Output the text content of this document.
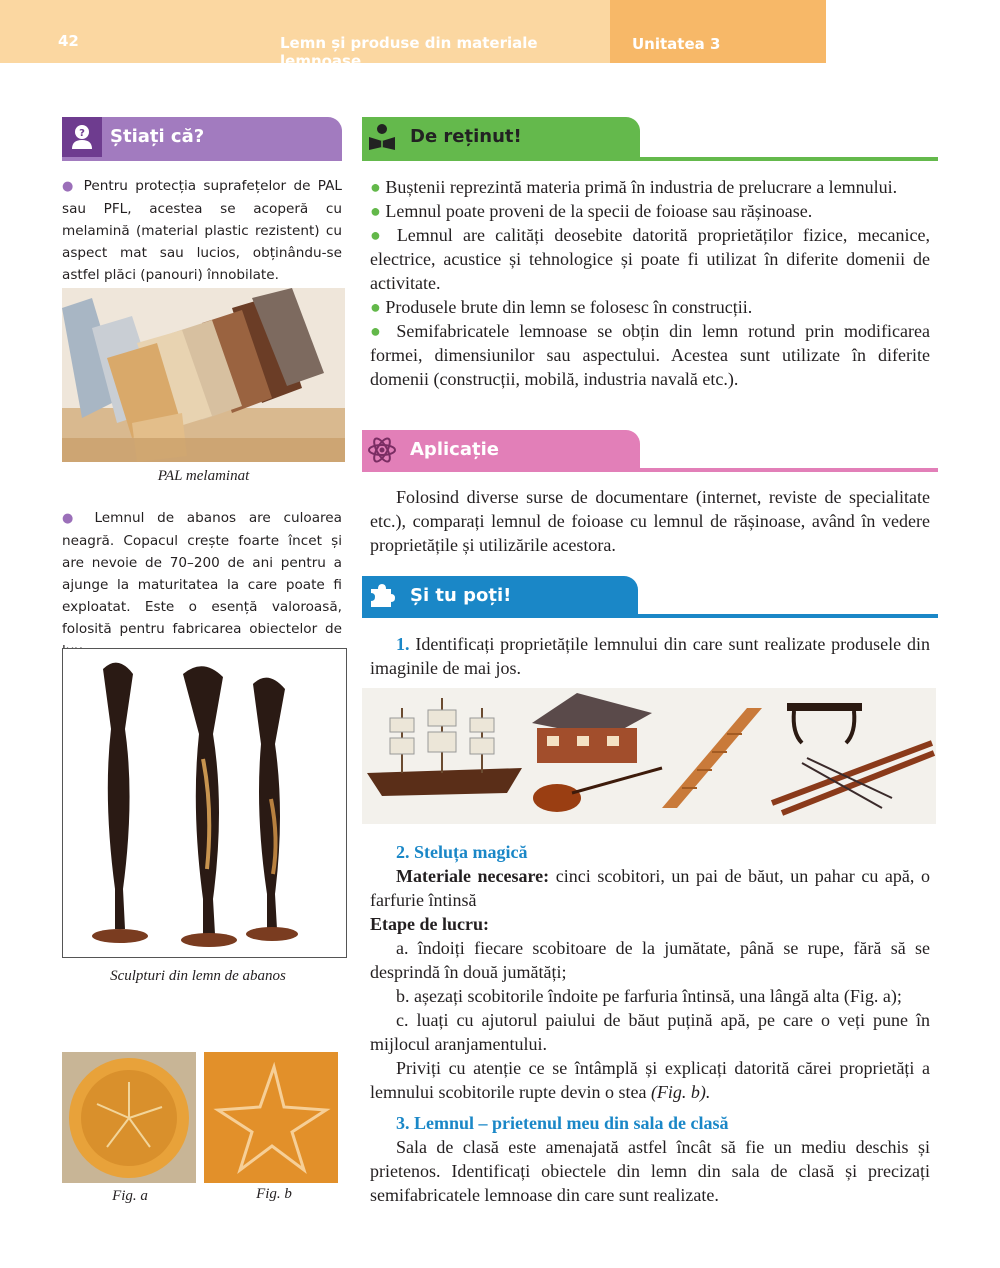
42	Lemn și produse din materiale lemnoase
Unitatea 3
? Știați că?
● Pentru protecția suprafețelor de PAL sau PFL, acestea se acoperă cu melamină (material plastic rezistent) cu aspect mat sau lucios, obținându-se astfel plăci (panouri) înnobilate.
PAL melaminat
● Lemnul de abanos are culoarea neagră. Copacul crește foarte încet și are nevoie de 70–200 de ani pentru a ajunge la maturitatea la care poate fi exploatat. Este o esență valoroasă, folosită pentru fabricarea obiectelor de
Sculpturi din lemn de abanos
Fig. a	Fig. b
De reținut!

● Buștenii reprezintă materia primă în industria de prelucrare a lemnului.

● Lemnul poate proveni de la specii de foioase sau rășinoase.

● Lemnul are calități deosebite datorită proprietăților fizice, mecanice, electrice, acustice și tehnologice și poate fi utilizat în diferite domenii de activitate.

● Produsele brute din lemn se folosesc în construcții.

● Semifabricatele lemnoase se obțin din lemn rotund prin modificarea formei, dimensiunilor sau aspectului. Acestea sunt utilizate în diferite domenii (construcții, mobilă, industria navală etc.).

Aplicație
Folosind diverse surse de documentare (internet, reviste de specialitate etc.), comparați lemnul de foioase cu lemnul de rășinoase, având în vedere proprietățile și utilizările acestora.
Și tu poți!
1. Identificați proprietățile lemnului din care sunt realizate produsele din imaginile de mai jos.

2. Steluța magică

Materiale necesare: cinci scobitori, un pai de băut, un pahar cu apă, o farfurie întinsă

Etape de lucru:

a. îndoiți fiecare scobitoare de la jumătate, până se rupe, fără să se desprindă în două jumătăți;

b. așezați scobitorile îndoite pe farfuria întinsă, una lângă alta (Fig. a);

c. luați cu ajutorul paiului de băut puțină apă, pe care o veți pune în mijlocul aranjamentului.

Priviți cu atenție ce se întâmplă și explicați datorită cărei proprietăți a lemnului scobitorile rupte devin o stea (Fig. b).

3. Lemnul – prietenul meu din sala de clasă

Sala de clasă este amenajată astfel încât să fie un mediu deschis și prietenos. Identificați obiectele din lemn din sala de clasă și precizați semifabricatele lemnoase din care sunt realizate.
